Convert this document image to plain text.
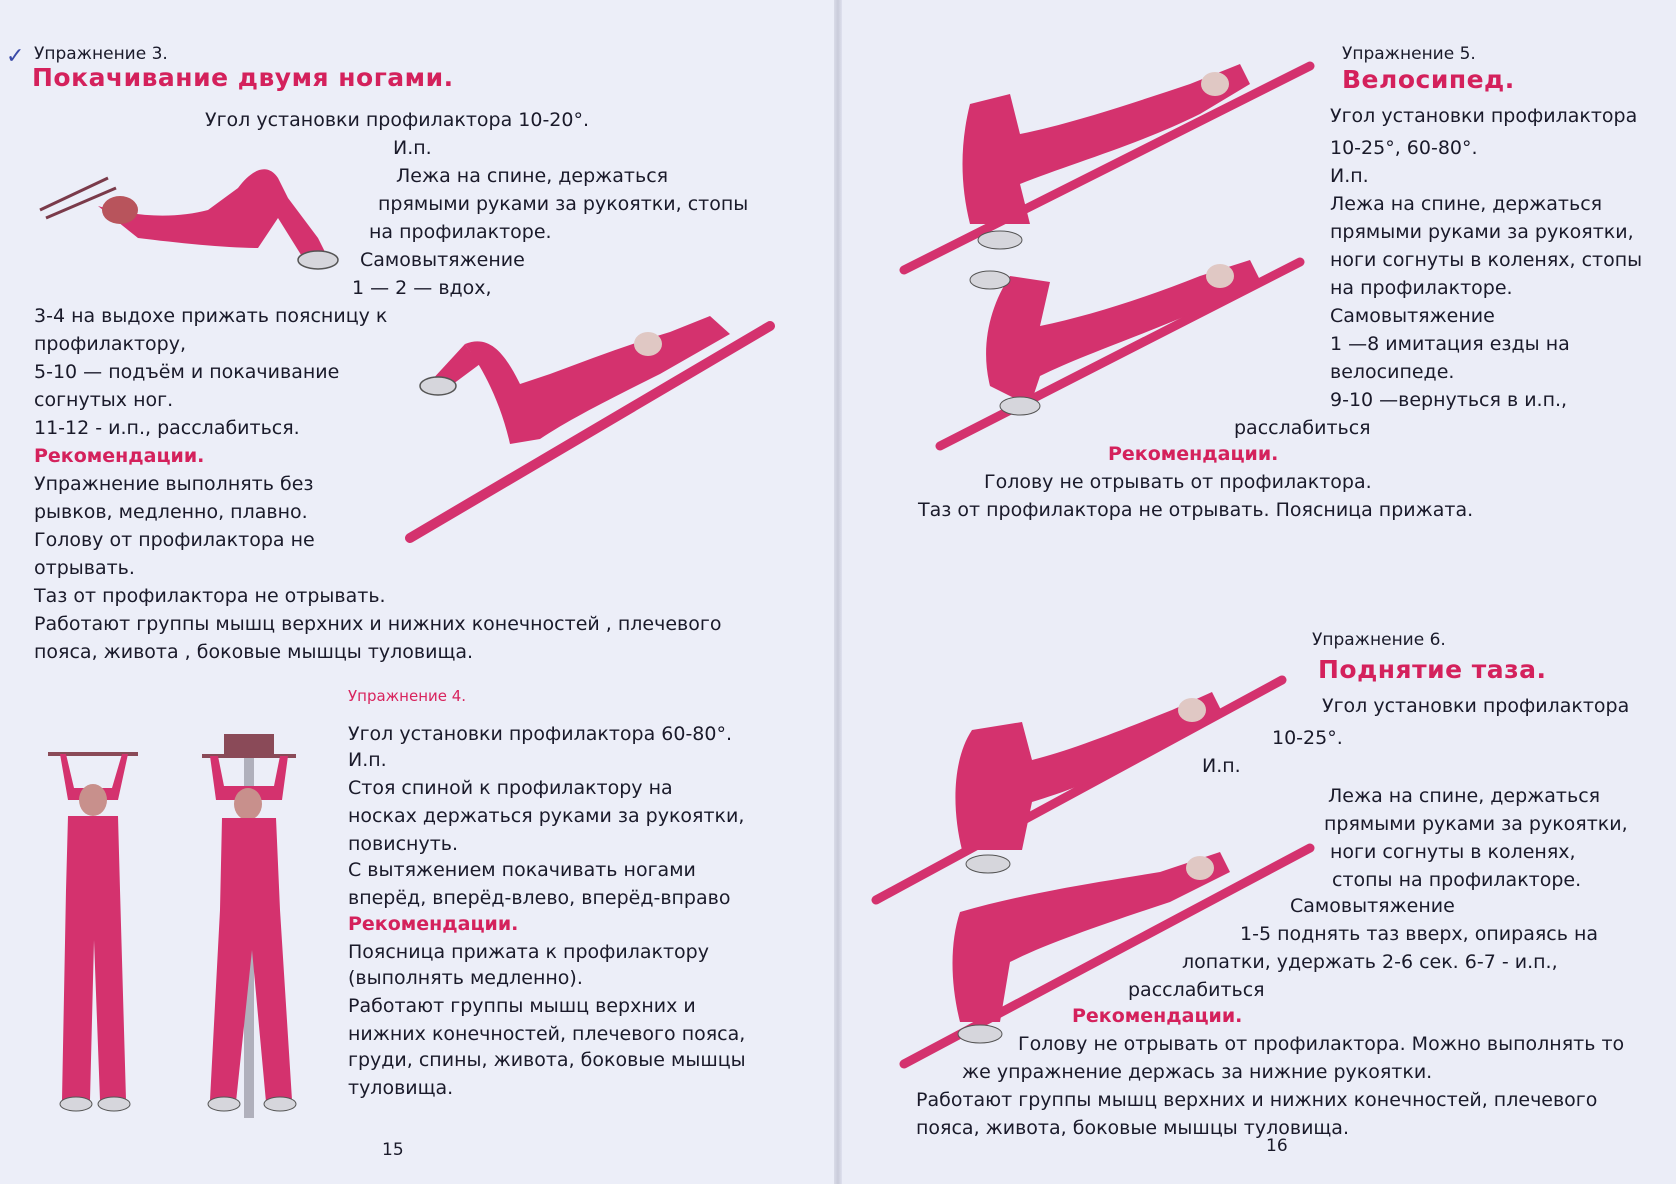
✓ Упражнение 3.
Покачивание двумя ногами.
Угол установки профилактора 10-20°.
И.п.
Лежа на спине, держаться
прямыми руками за рукоятки, стопы
на профилакторе.
Самовытяжение
1 — 2 — вдох,
3-4 на выдохе прижать поясницу к
профилактору,
5-10 — подъём и покачивание
согнутых ног.
11-12 - и.п., расслабиться.
Рекомендации.
Упражнение выполнять без
рывков, медленно, плавно.
Голову от профилактора не
отрывать.
Таз от профилактора не отрывать.
Работают группы мышц верхних и нижних конечностей , плечевого
пояса, живота , боковые мышцы туловища.
Упражнение 4.
Угол установки профилактора 60-80°.
И.п.
Стоя спиной к профилактору на
носках держаться руками за рукоятки,
повиснуть.
С вытяжением покачивать ногами
вперёд, вперёд-влево, вперёд-вправо
Рекомендации.
Поясница прижата к профилактору
(выполнять медленно).
Работают группы мышц верхних и
нижних конечностей, плечевого пояса,
груди, спины, живота, боковые мышцы
туловища.
15
Упражнение 5.
Велосипед.
Угол установки профилактора
10-25°, 60-80°.
И.п.
Лежа на спине, держаться
прямыми руками за рукоятки,
ноги согнуты в коленях, стопы
на профилакторе.
Самовытяжение
1 —8 имитация езды на
велосипеде.
9-10 —вернуться в и.п.,
расслабиться
Рекомендации.
Голову не отрывать от профилактора.
Таз от профилактора не отрывать. Поясница прижата.
Упражнение 6.
Поднятие таза.
Угол установки профилактора
10-25°.
И.п.
Лежа на спине, держаться
прямыми руками за рукоятки,
ноги согнуты в коленях,
стопы на профилакторе.
Самовытяжение
1-5 поднять таз вверх, опираясь на
лопатки, удержать 2-6 сек. 6-7 - и.п.,
расслабиться
Рекомендации.
Голову не отрывать от профилактора. Можно выполнять то
же упражнение держась за нижние рукоятки.
Работают группы мышц верхних и нижних конечностей, плечевого
пояса, живота, боковые мышцы туловища.
16
